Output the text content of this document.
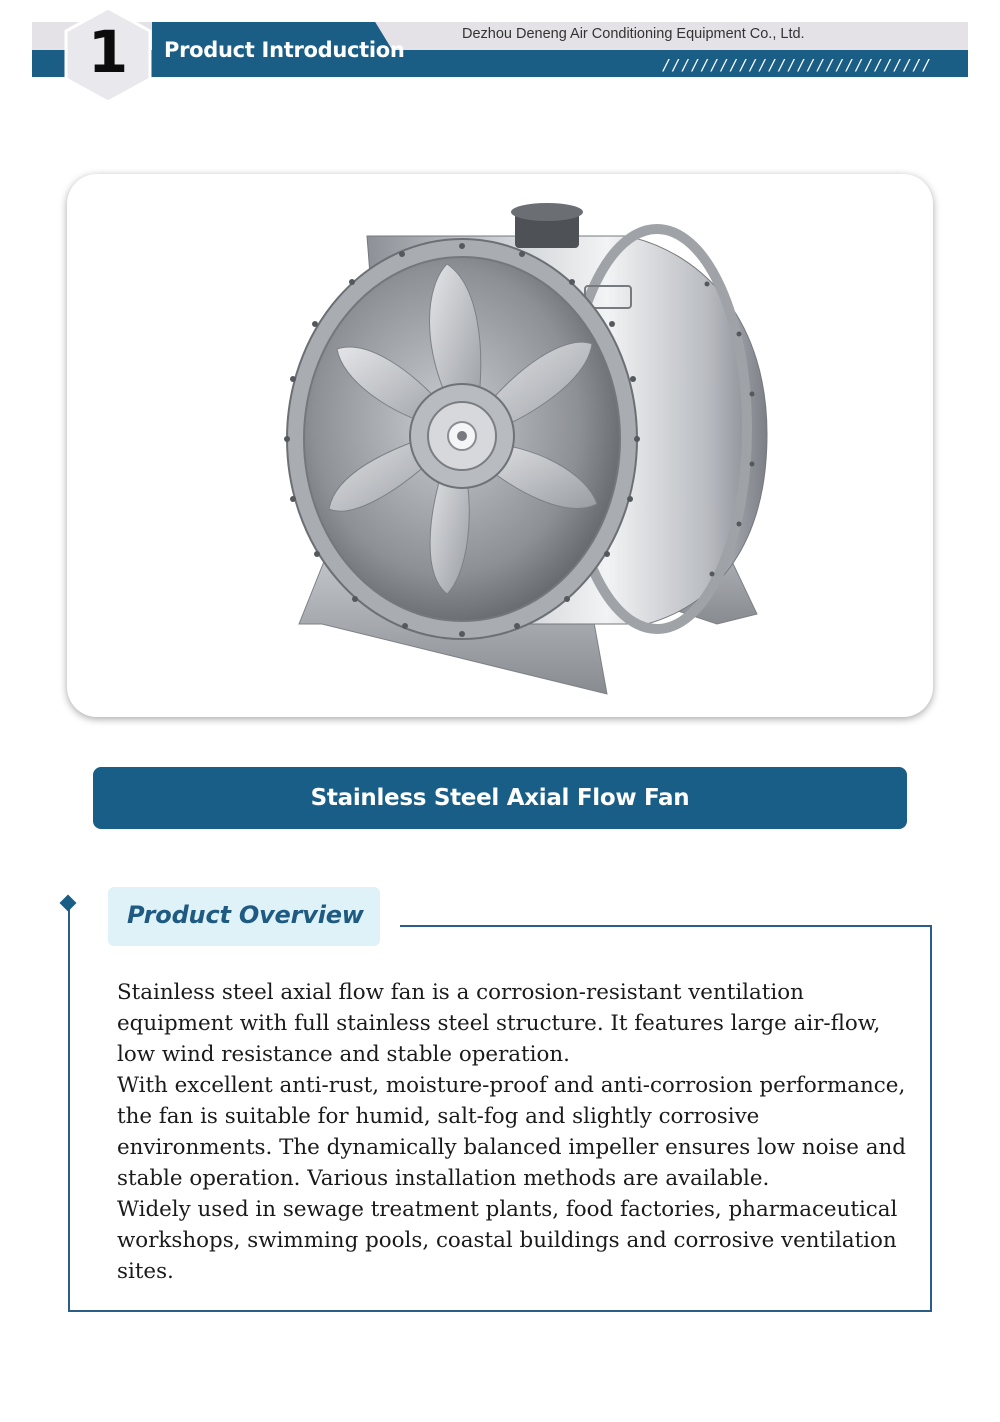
Product Introduction
1	Dezhou Deneng Air Conditioning Equipment Co., Ltd.
////////////////////////////
Stainless Steel Axial Flow Fan
Product Overview

Stainless steel axial flow fan is a corrosion-resistant ventilation equipment with full stainless steel structure. It features large air-flow, low wind resistance and stable operation.

With excellent anti-rust, moisture-proof and anti-corrosion performance, the fan is suitable for humid, salt-fog and slightly corrosive environments. The dynamically balanced impeller ensures low noise and stable operation. Various installation methods are available.

Widely used in sewage treatment plants, food factories, pharmaceutical workshops, swimming pools, coastal buildings and corrosive ventilation sites.
